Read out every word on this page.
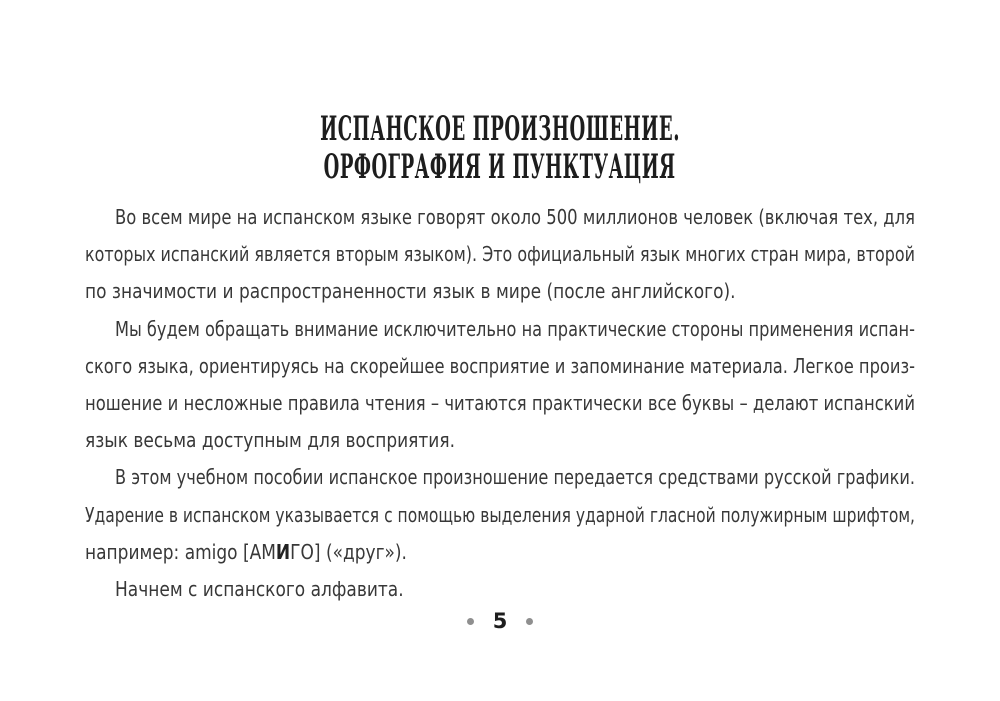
ИСПАНСКОЕ ПРОИЗНОШЕНИЕ.
ОРФОГРАФИЯ И ПУНКТУАЦИЯ

Во всем мире на испанском языке говорят около 500 миллионов человек (включая тех, для

которых испанский является вторым языком). Это официальный язык многих стран мира, второй

по значимости и распространенности язык в мире (после английского).

Мы будем обращать внимание исключительно на практические стороны применения испан-

ского языка, ориентируясь на скорейшее восприятие и запоминание материала. Легкое произ-

ношение и несложные правила чтения – читаются практически все буквы – делают испанский

язык весьма доступным для восприятия.

В этом учебном пособии испанское произношение передается средствами русской графики.

Ударение в испанском указывается с помощью выделения ударной гласной полужирным шрифтом,

например: amigo [АМИГО] («друг»).

Начнем с испанского алфавита.

5
